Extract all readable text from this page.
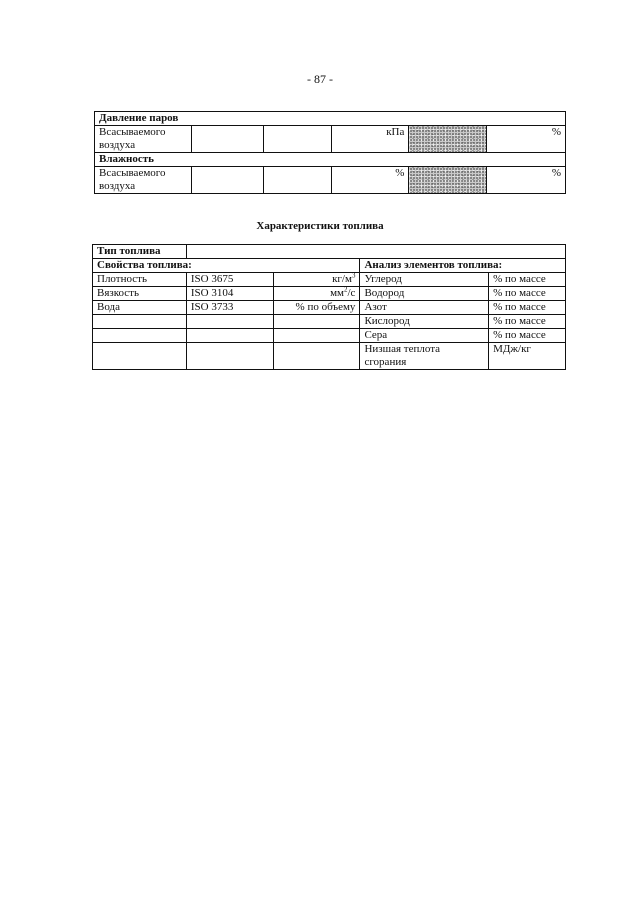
- 87 -
Давление паров					
Всасываемого воздуха			кПа		%
Влажность					
Всасываемого воздуха			%		%
Характеристики топлива
Тип топлива				
Свойства топлива:			Анализ элементов топлива:	
Плотность	ISO 3675	$кг/м^3$	Углерод	% по массе
Вязкость	ISO 3104	$мм^2/с$	Водород	% по массе
Вода	ISO 3733	% по объему	Азот	% по массе
			Кислород	% по массе
			Сера	% по массе
			Низшая теплота сгорания	МДж/кг
